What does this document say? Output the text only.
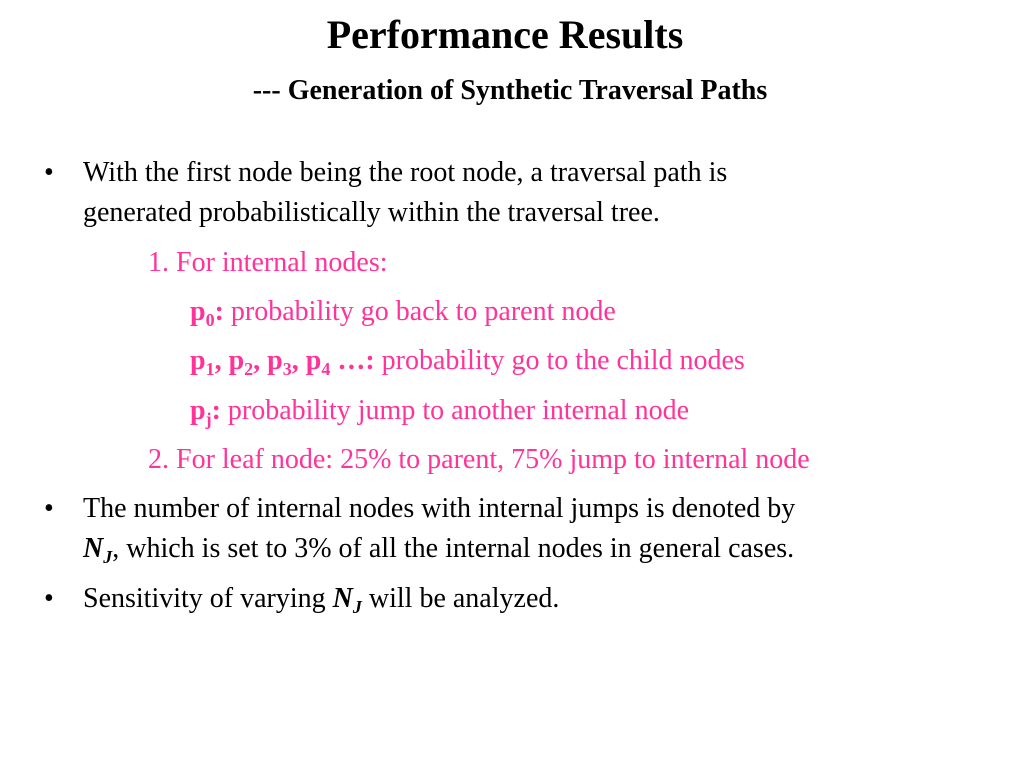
Performance Results
--- Generation of Synthetic Traversal Paths
• With the first node being the root node, a traversal path is
generated probabilistically within the traversal tree.
1. For internal nodes:
$p_0$: probability go back to parent node
$p_1$, $p_2$, $p_3$, $p_4$ …: probability go to the child nodes
$p_j$: probability jump to another internal node
2. For leaf node: 25% to parent, 75% jump to internal node
• The number of internal nodes with internal jumps is denoted by
$N_J$, which is set to 3% of all the internal nodes in general cases.
• Sensitivity of varying $N_J$ will be analyzed.
